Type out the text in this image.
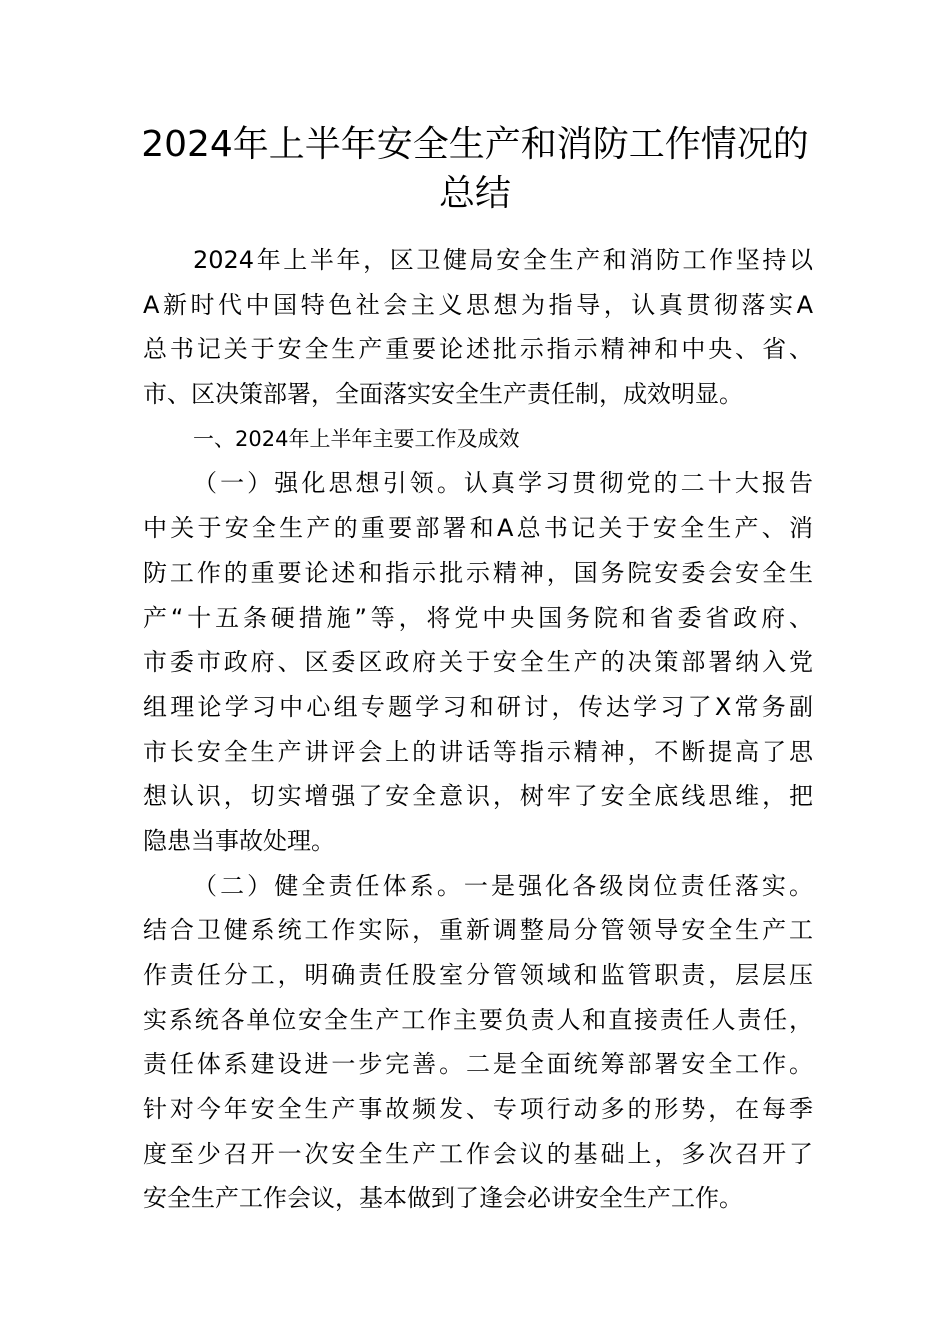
2024年上半年安全生产和消防工作情况的
总结
2024年上半年，区卫健局安全生产和消防工作坚持以
A新时代中国特色社会主义思想为指导，认真贯彻落实A
总书记关于安全生产重要论述批示指示精神和中央、省、
市、区决策部署，全面落实安全生产责任制，成效明显。
一、2024年上半年主要工作及成效
（一）强化思想引领。认真学习贯彻党的二十大报告
中关于安全生产的重要部署和A总书记关于安全生产、消
防工作的重要论述和指示批示精神，国务院安委会安全生
产“十五条硬措施”等，将党中央国务院和省委省政府、
市委市政府、区委区政府关于安全生产的决策部署纳入党
组理论学习中心组专题学习和研讨，传达学习了X常务副
市长安全生产讲评会上的讲话等指示精神，不断提高了思
想认识，切实增强了安全意识，树牢了安全底线思维，把
隐患当事故处理。
（二）健全责任体系。一是强化各级岗位责任落实。
结合卫健系统工作实际，重新调整局分管领导安全生产工
作责任分工，明确责任股室分管领域和监管职责，层层压
实系统各单位安全生产工作主要负责人和直接责任人责任，
责任体系建设进一步完善。二是全面统筹部署安全工作。
针对今年安全生产事故频发、专项行动多的形势，在每季
度至少召开一次安全生产工作会议的基础上，多次召开了
安全生产工作会议，基本做到了逢会必讲安全生产工作。
